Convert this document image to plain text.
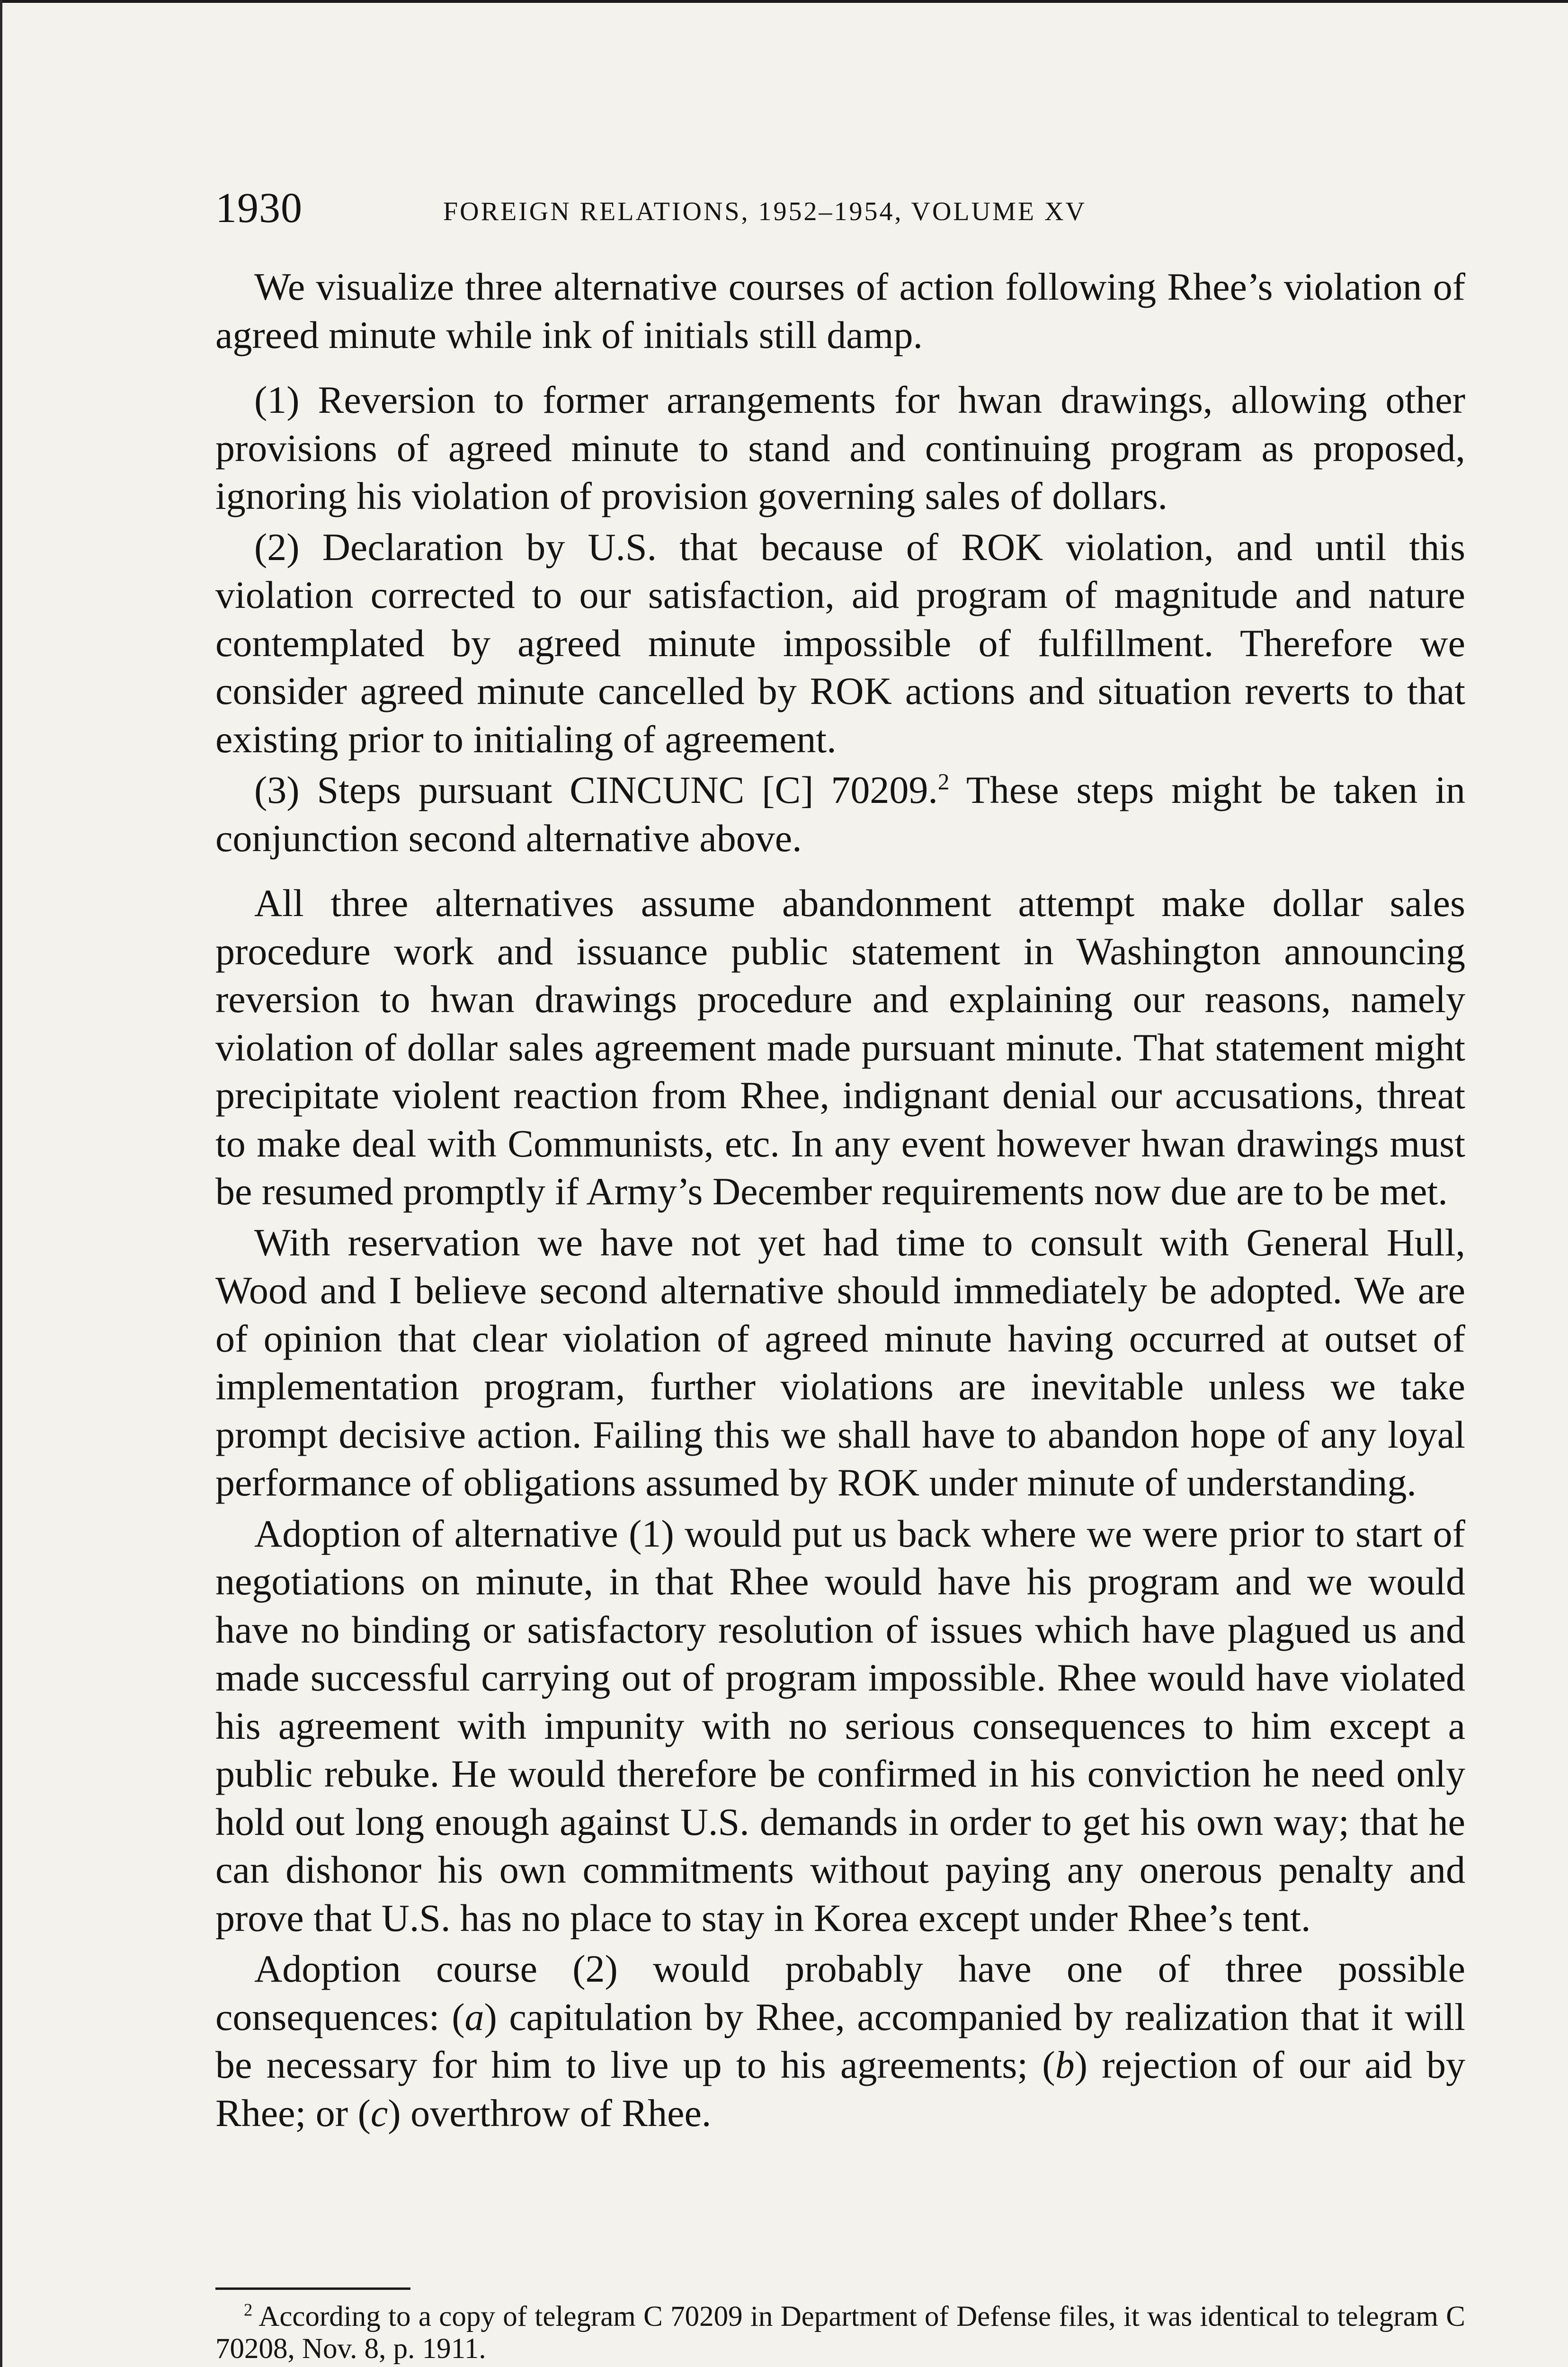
1930	FOREIGN RELATIONS, 1952–1954, VOLUME XV

We visualize three alternative courses of action following Rhee’s violation of agreed minute while ink of initials still damp.

(1) Reversion to former arrangements for hwan drawings, allowing other provisions of agreed minute to stand and continuing program as proposed, ignoring his violation of provision governing sales of dollars.

(2) Declaration by U.S. that because of ROK violation, and until this violation corrected to our satisfaction, aid program of magnitude and nature contemplated by agreed minute impossible of fulfillment. Therefore we consider agreed minute cancelled by ROK actions and situation reverts to that existing prior to initialing of agreement.

(3) Steps pursuant CINCUNC [C] 70209.$^2$ These steps might be taken in conjunction second alternative above.

All three alternatives assume abandonment attempt make dollar sales procedure work and issuance public statement in Washington announcing reversion to hwan drawings procedure and explaining our reasons, namely violation of dollar sales agreement made pursuant minute. That statement might precipitate violent reaction from Rhee, indignant denial our accusations, threat to make deal with Communists, etc. In any event however hwan drawings must be resumed promptly if Army’s December requirements now due are to be met.

With reservation we have not yet had time to consult with General Hull, Wood and I believe second alternative should immediately be adopted. We are of opinion that clear violation of agreed minute having occurred at outset of implementation program, further violations are inevitable unless we take prompt decisive action. Failing this we shall have to abandon hope of any loyal performance of obligations assumed by ROK under minute of understanding.

Adoption of alternative (1) would put us back where we were prior to start of negotiations on minute, in that Rhee would have his program and we would have no binding or satisfactory resolution of issues which have plagued us and made successful carrying out of program impossible. Rhee would have violated his agreement with impunity with no serious consequences to him except a public rebuke. He would therefore be confirmed in his conviction he need only hold out long enough against U.S. demands in order to get his own way; that he can dishonor his own commitments without paying any onerous penalty and prove that U.S. has no place to stay in Korea except under Rhee’s tent.

Adoption course (2) would probably have one of three possible consequences: (a) capitulation by Rhee, accompanied by realization that it will be necessary for him to live up to his agreements; (b) rejection of our aid by Rhee; or (c) overthrow of Rhee.

$^2$ According to a copy of telegram C 70209 in Department of Defense files, it was identical to telegram C 70208, Nov. 8, p. 1911.
